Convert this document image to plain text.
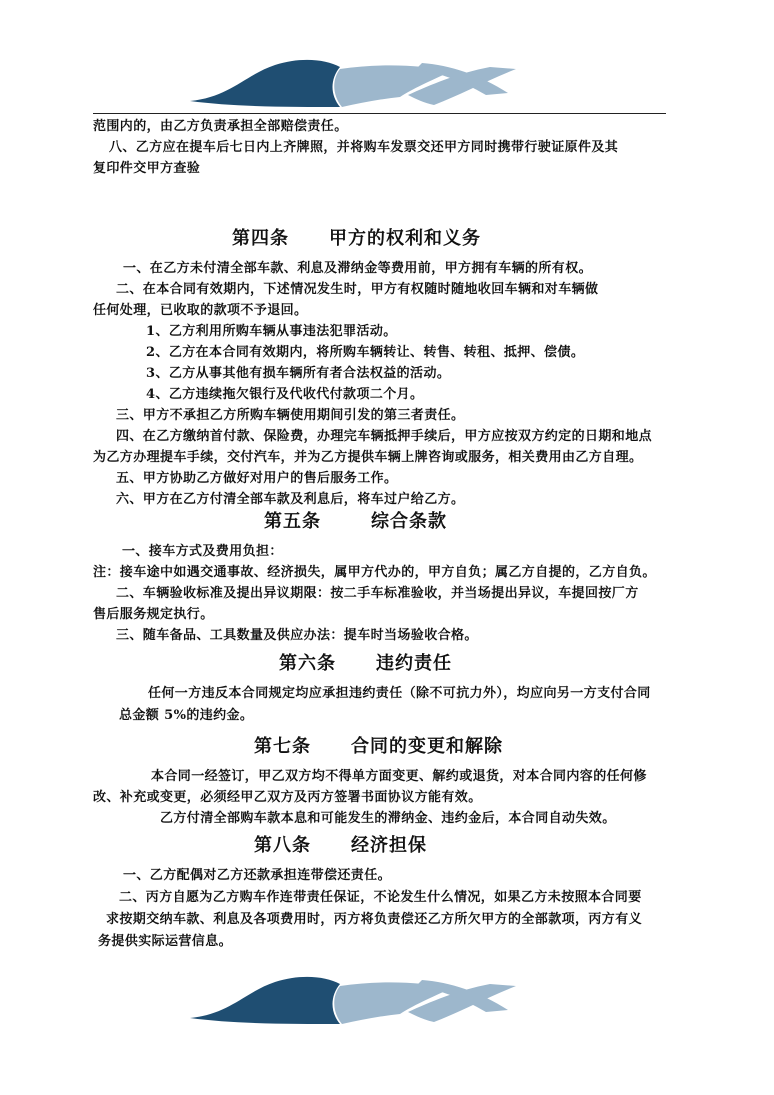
范围内的，由乙方负责承担全部赔偿责任。
八、乙方应在提车后七日内上齐牌照，并将购车发票交还甲方同时携带行驶证原件及其
复印件交甲方查验
第四条 甲方的权利和义务
一、在乙方未付清全部车款、利息及滞纳金等费用前，甲方拥有车辆的所有权。
二、在本合同有效期内，下述情况发生时，甲方有权随时随地收回车辆和对车辆做
任何处理，已收取的款项不予退回。
1、乙方利用所购车辆从事违法犯罪活动。
2、乙方在本合同有效期内，将所购车辆转让、转售、转租、抵押、偿债。
3、乙方从事其他有损车辆所有者合法权益的活动。
4、乙方违续拖欠银行及代收代付款项二个月。
三、甲方不承担乙方所购车辆使用期间引发的第三者责任。
四、在乙方缴纳首付款、保险费，办理完车辆抵押手续后，甲方应按双方约定的日期和地点
为乙方办理提车手续，交付汽车，并为乙方提供车辆上牌咨询或服务，相关费用由乙方自理。
五、甲方协助乙方做好对用户的售后服务工作。
六、甲方在乙方付清全部车款及利息后，将车过户给乙方。
第五条	综合条款
一、接车方式及费用负担：
注：接车途中如遇交通事故、经济损失，属甲方代办的，甲方自负；属乙方自提的，乙方自负。
二、车辆验收标准及提出异议期限：按二手车标准验收，并当场提出异议，车提回按厂方
售后服务规定执行。
三、随车备品、工具数量及供应办法：提车时当场验收合格。
第六条 违约责任
任何一方违反本合同规定均应承担违约责任（除不可抗力外），均应向另一方支付合同
总金额 5%的违约金。
第七条 合同的变更和解除
本合同一经签订，甲乙双方均不得单方面变更、解约或退货，对本合同内容的任何修
改、补充或变更，必须经甲乙双方及丙方签署书面协议方能有效。
乙方付清全部购车款本息和可能发生的滞纳金、违约金后，本合同自动失效。
第八条 经济担保
一、乙方配偶对乙方还款承担连带偿还责任。
二、丙方自愿为乙方购车作连带责任保证，不论发生什么情况，如果乙方未按照本合同要
求按期交纳车款、利息及各项费用时，丙方将负责偿还乙方所欠甲方的全部款项，丙方有义
务提供实际运营信息。
